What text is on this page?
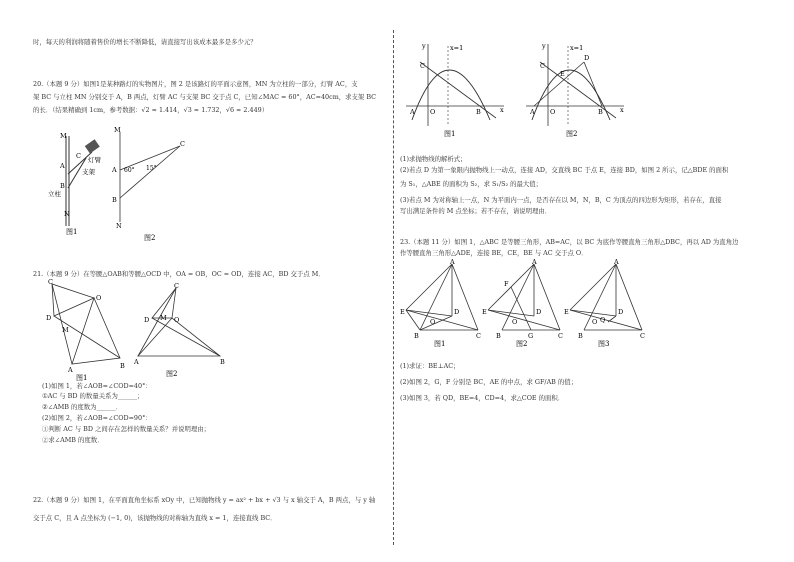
时，每天的利润将随着售价的增长不断降低，请直接写出该成本最多是多少元？
20.（本题 9 分）如图1是某种路灯的实物图片，图 2 是该路灯的平面示意图，MN 为立柱的一部分，灯臂 AC，支
架 BC 与立柱 MN 分别交于 A，B 两点，灯臂 AC 与支架 BC 交于点 C，已知∠MAC = 60°，AC=40cm，求支架 BC
的长．（结果精确到 1cm，参考数据：√2 ≈ 1.414，√3 ≈ 1.732，√6 ≈ 2.449）
M
A
B
N
C 灯臂
支架
立柱
图1
M
A
B
N
C
60° 15°
图2
21.（本题 9 分）在等腰△OAB和等腰△OCD 中，OA = OB，OC = OD，连接 AC，BD 交于点 M．
C
O
D
M
A	B
图1
C
O
D M
A	B
图2
(1)如图 1，若∠AOB=∠COD=40°：
①AC 与 BD 的数量关系为______；
②∠AMB 的度数为______．
(2)如图 2，若∠AOB=∠COD=90°：
①判断 AC 与 BD 之间存在怎样的数量关系？并说明理由；
②求∠AMB 的度数．
22.（本题 9 分）如图 1，在平面直角坐标系 xOy 中，已知抛物线 y = ax² + bx + √3 与 x 轴交于 A，B 两点，与 y 轴
交于点 C，且 A 点坐标为 (−1, 0)，该抛物线的对称轴为直线 x = 1，连接直线 BC．
y	x=1
C
A O	B	x
图1
y	x=1
D
C
E
A O	B	x
图2
(1)求抛物线的解析式；
(2)若点 D 为第一象限内抛物线上一动点，连接 AD，交直线 BC 于点 E，连接 BD，如图 2 所示，记△BDE 的面积
为 S₁，△ABE 的面积为 S₂，求 S₁/S₂ 的最大值；
(3)若点 M 为对称轴上一点，N 为平面内一点，是否存在以 M，N，B，C 为顶点的四边形为矩形，若存在，直接
写出满足条件的 M 点坐标；若不存在，请说明理由．
23.（本题 11 分）如图 1，△ABC 是等腰三角形，AB=AC，以 BC 为底作等腰直角三角形△DBC，再以 AD 为直角边
作等腰直角三角形△ADE，连接 BE，CE，BE 与 AC 交于点 O．
A
E	D
O
B	C
图1
A
F
E	D
O
B	G	C
图2
A
E	D
Q
O
B	C
图3
(1)求证：BE⊥AC；
(2)如图 2，G，F 分别是 BC，AE 的中点，求 GF/AB 的值；
(3)如图 3，若 QD，BE=4，CD=4，求△COE 的面积．
